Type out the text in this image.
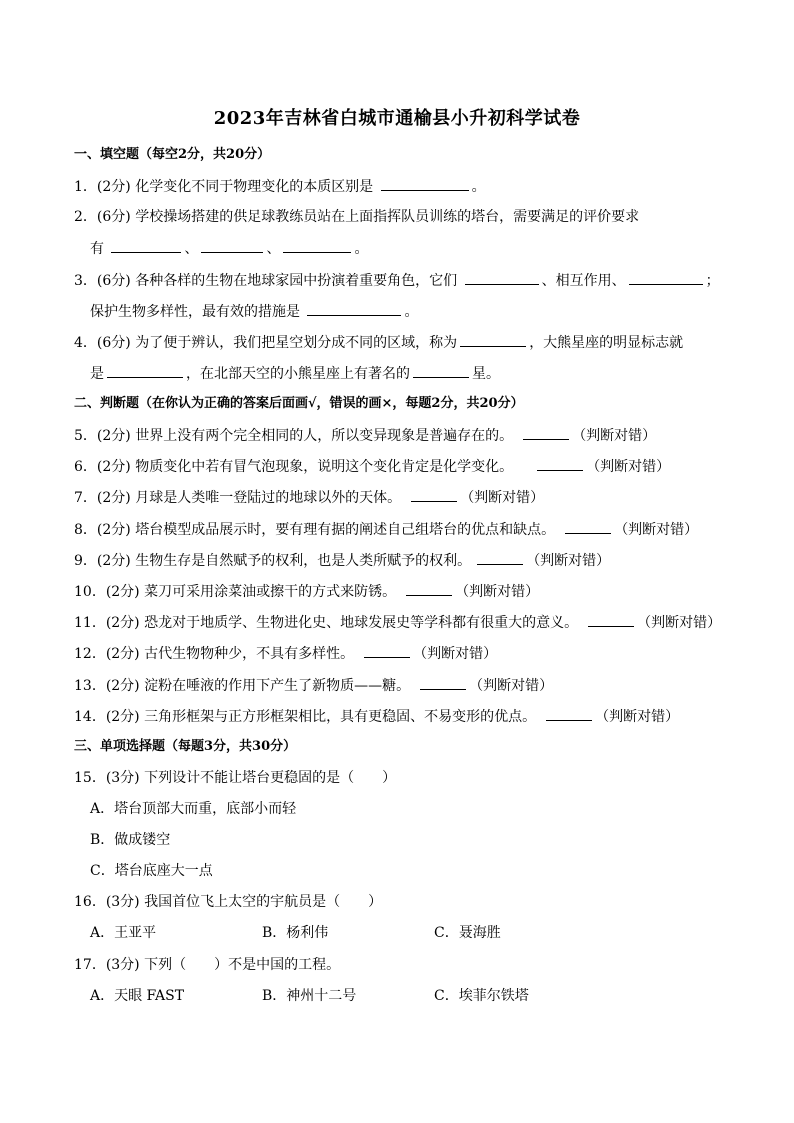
2023年吉林省白城市通榆县小升初科学试卷
一、填空题（每空2分，共20分）
1．(2分) 化学变化不同于物理变化的本质区别是	。
2．(6分) 学校操场搭建的供足球教练员站在上面指挥队员训练的塔台，需要满足的评价要求
有	、	、	。
3．(6分) 各种各样的生物在地球家园中扮演着重要角色，它们	、相互作用、	；
保护生物多样性，最有效的措施是	。
4．(6分) 为了便于辨认，我们把星空划分成不同的区域，称为	，大熊星座的明显标志就
是	，在北部天空的小熊星座上有著名的	星。
二、判断题（在你认为正确的答案后面画√，错误的画×，每题2分，共20分）
5．(2分) 世界上没有两个完全相同的人，所以变异现象是普遍存在的。	（判断对错）
6．(2分) 物质变化中若有冒气泡现象，说明这个变化肯定是化学变化。	（判断对错）
7．(2分) 月球是人类唯一登陆过的地球以外的天体。	（判断对错）
8．(2分) 塔台模型成品展示时，要有理有据的阐述自己组塔台的优点和缺点。	（判断对错）
9．(2分) 生物生存是自然赋予的权利，也是人类所赋予的权利。	（判断对错）
10．(2分) 菜刀可采用涂菜油或擦干的方式来防锈。	（判断对错）
11．(2分) 恐龙对于地质学、生物进化史、地球发展史等学科都有很重大的意义。	（判断对错）
12．(2分) 古代生物物种少，不具有多样性。	（判断对错）
13．(2分) 淀粉在唾液的作用下产生了新物质——糖。	（判断对错）
14．(2分) 三角形框架与正方形框架相比，具有更稳固、不易变形的优点。	（判断对错）
三、单项选择题（每题3分，共30分）
15．(3分) 下列设计不能让塔台更稳固的是（　　）
A．塔台顶部大而重，底部小而轻
B．做成镂空
C．塔台底座大一点
16．(3分) 我国首位飞上太空的宇航员是（　　）
A．王亚平	B．杨利伟	C．聂海胜
17．(3分) 下列（　　）不是中国的工程。
A．天眼 FAST	B．神州十二号	C．埃菲尔铁塔
